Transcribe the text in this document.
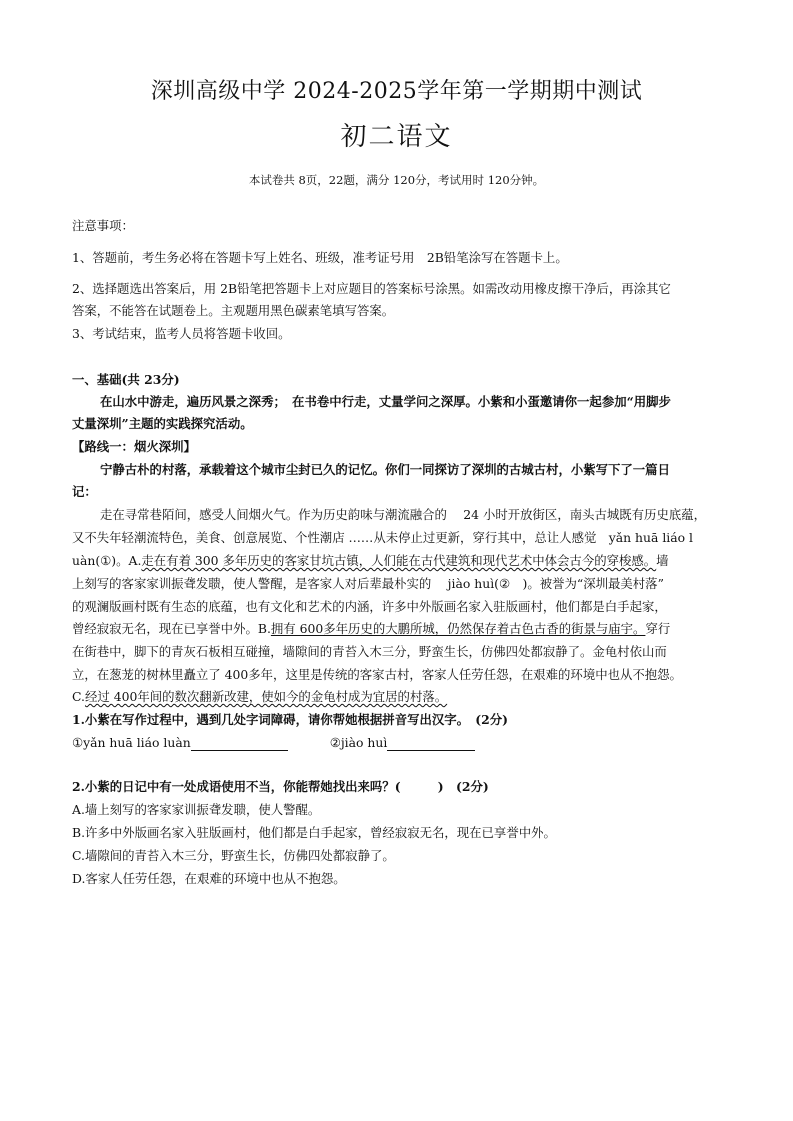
深圳高级中学 2024-2025学年第一学期期中测试
初二语文
本试卷共 8页，22题，满分 120分，考试用时 120分钟。
注意事项：
1、答题前，考生务必将在答题卡写上姓名、班级，准考证号用　2B铅笔涂写在答题卡上。
2、选择题选出答案后，用 2B铅笔把答题卡上对应题目的答案标号涂黑。如需改动用橡皮擦干净后，再涂其它
答案，不能答在试题卷上。主观题用黑色碳素笔填写答案。
3、考试结束，监考人员将答题卡收回。
一、基础(共 23分)
在山水中游走，遍历风景之深秀；　在书卷中行走，丈量学问之深厚。小紫和小蛋邀请你一起参加“用脚步
丈量深圳”主题的实践探究活动。
【路线一：烟火深圳】
宁静古朴的村落，承载着这个城市尘封已久的记忆。你们一同探访了深圳的古城古村，小紫写下了一篇日
记：
走在寻常巷陌间，感受人间烟火气。作为历史韵味与潮流融合的　 24 小时开放街区，南头古城既有历史底蕴，
又不失年轻潮流特色，美食、创意展览、个性潮店 ……从未停止过更新，穿行其中，总让人感觉　yǎn huā liáo l
uàn(①)。A.走在有着 300 多年历史的客家甘坑古镇，人们能在古代建筑和现代艺术中体会古今的穿梭感。墙
上刻写的客家家训振聋发聩，使人警醒，是客家人对后辈最朴实的　 jiào huì(②　)。被誉为“深圳最美村落”
的观澜版画村既有生态的底蕴，也有文化和艺术的内涵，许多中外版画名家入驻版画村，他们都是白手起家，
曾经寂寂无名，现在已享誉中外。B.拥有 600多年历史的大鹏所城，仍然保存着古色古香的街景与庙宇。穿行
在街巷中，脚下的青灰石板相互碰撞，墙隙间的青苔入木三分，野蛮生长，仿佛四处都寂静了。金龟村依山而
立，在葱茏的树林里矗立了 400多年，这里是传统的客家古村，客家人任劳任怨，在艰难的环境中也从不抱怨。
C.经过 400年间的数次翻新改建，使如今的金龟村成为宜居的村落。
1.小紫在写作过程中，遇到几处字词障碍，请你帮她根据拼音写出汉字。　(2分)
①yǎn huā liáo luàn	②jiào huì
2.小紫的日记中有一处成语使用不当，你能帮她找出来吗？(　　　)　(2分)
A.墙上刻写的客家家训振聋发聩，使人警醒。
B.许多中外版画名家入驻版画村，他们都是白手起家，曾经寂寂无名，现在已享誉中外。
C.墙隙间的青苔入木三分，野蛮生长，仿佛四处都寂静了。
D.客家人任劳任怨，在艰难的环境中也从不抱怨。
